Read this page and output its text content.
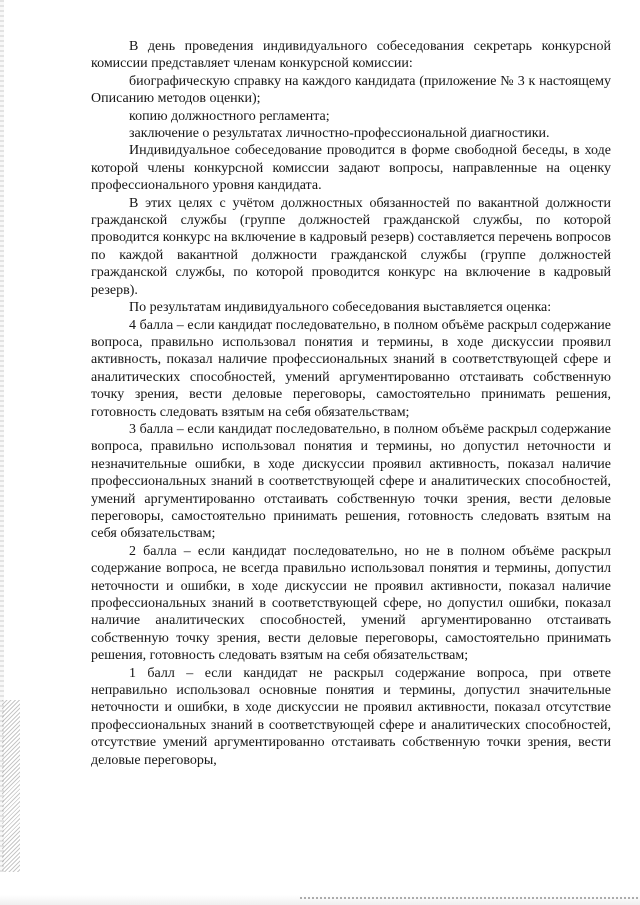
В день проведения индивидуального собеседования секретарь конкурсной комиссии представляет членам конкурсной комиссии:

биографическую справку на каждого кандидата (приложение № 3 к настоящему Описанию методов оценки);

копию должностного регламента;

заключение о результатах личностно-профессиональной диагностики.

Индивидуальное собеседование проводится в форме свободной беседы, в ходе которой члены конкурсной комиссии задают вопросы, направленные на оценку профессионального уровня кандидата.

В этих целях с учётом должностных обязанностей по вакантной должности гражданской службы (группе должностей гражданской службы, по которой проводится конкурс на включение в кадровый резерв) составляется перечень вопросов по каждой вакантной должности гражданской службы (группе должностей гражданской службы, по которой проводится конкурс на включение в кадровый резерв).

По результатам индивидуального собеседования выставляется оценка:

4 балла – если кандидат последовательно, в полном объёме раскрыл содержание вопроса, правильно использовал понятия и термины, в ходе дискуссии проявил активность, показал наличие профессиональных знаний в соответствующей сфере и аналитических способностей, умений аргументированно отстаивать собственную точку зрения, вести деловые переговоры, самостоятельно принимать решения, готовность следовать взятым на себя обязательствам;

3 балла – если кандидат последовательно, в полном объёме раскрыл содержание вопроса, правильно использовал понятия и термины, но допустил неточности и незначительные ошибки, в ходе дискуссии проявил активность, показал наличие профессиональных знаний в соответствующей сфере и аналитических способностей, умений аргументированно отстаивать собственную точки зрения, вести деловые переговоры, самостоятельно принимать решения, готовность следовать взятым на себя обязательствам;

2 балла – если кандидат последовательно, но не в полном объёме раскрыл содержание вопроса, не всегда правильно использовал понятия и термины, допустил неточности и ошибки, в ходе дискуссии не проявил активности, показал наличие профессиональных знаний в соответствующей сфере, но допустил ошибки, показал наличие аналитических способностей, умений аргументированно отстаивать собственную точку зрения, вести деловые переговоры, самостоятельно принимать решения, готовность следовать взятым на себя обязательствам;

1 балл – если кандидат не раскрыл содержание вопроса, при ответе неправильно использовал основные понятия и термины, допустил значительные неточности и ошибки, в ходе дискуссии не проявил активности, показал отсутствие профессиональных знаний в соответствующей сфере и аналитических способностей, отсутствие умений аргументированно отстаивать собственную точки зрения, вести деловые переговоры,
